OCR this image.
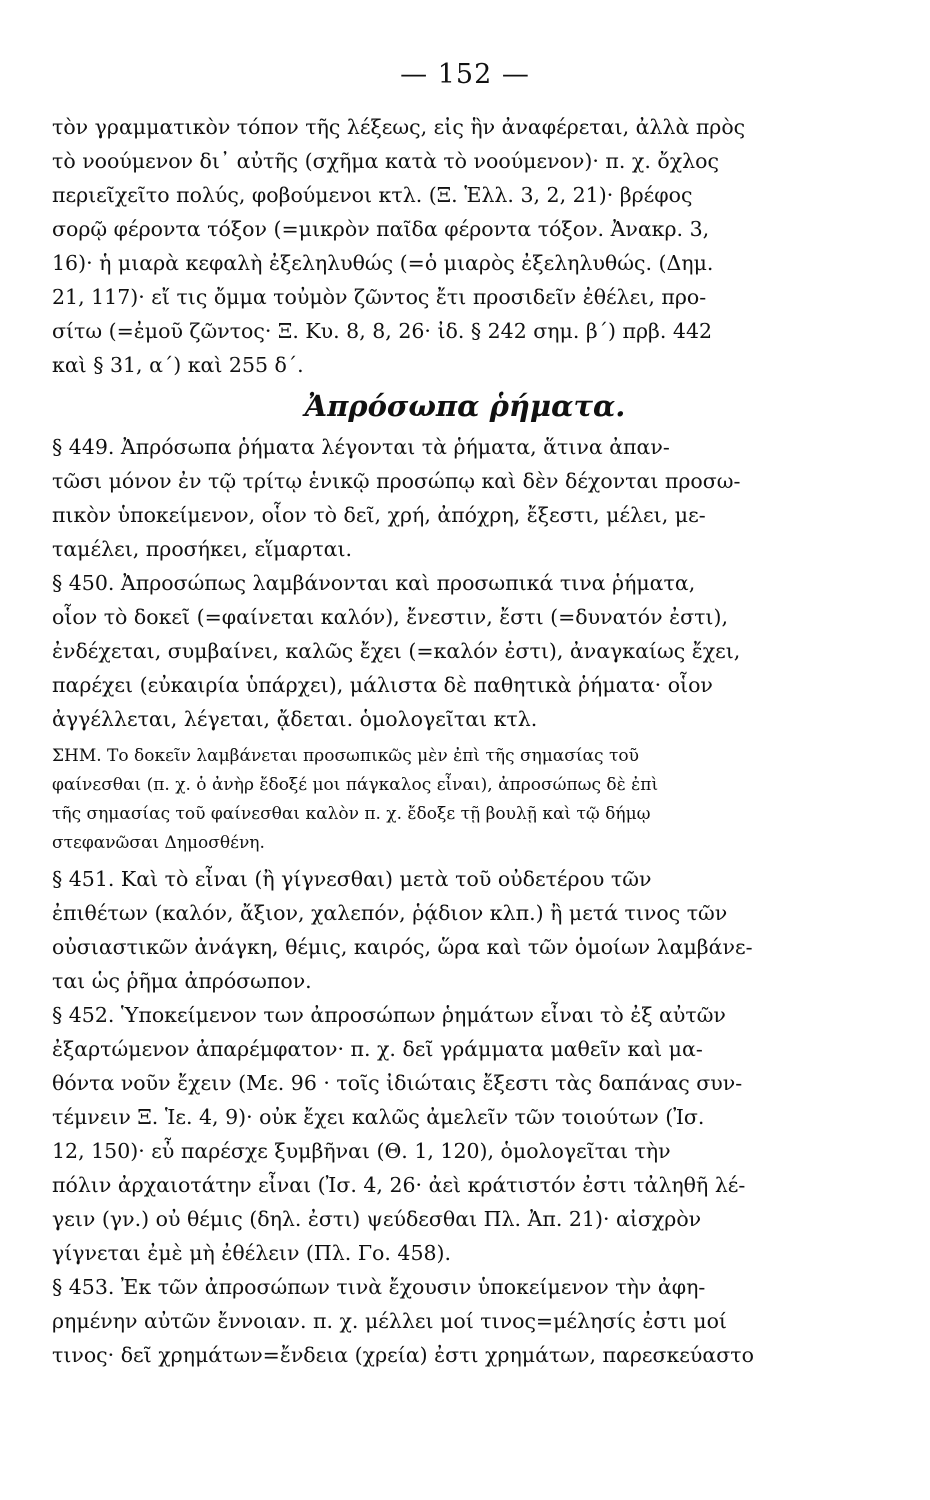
— 152 —

τὸν γραμματικὸν τόπον τῆς λέξεως, εἰς ἣν ἀναφέρεται, ἀλλὰ πρὸς
τὸ νοούμενον δι᾽ αὐτῆς (σχῆμα κατὰ τὸ νοούμενον)· π. χ. ὄχλος
περιεῖχεῖτο πολύς, φοβούμενοι κτλ. (Ξ. Ἑλλ. 3, 2, 21)· βρέφος
σορῷ φέροντα τόξον (=μικρὸν παῖδα φέροντα τόξον. Ἀνακρ. 3,
16)· ἡ μιαρὰ κεφαλὴ ἐξεληλυθώς (=ὁ μιαρὸς ἐξεληλυθώς. (Δημ.
21, 117)· εἴ τις ὄμμα τοὐμὸν ζῶντος ἔτι προσιδεῖν ἐθέλει, προ-
σίτω (=ἐμοῦ ζῶντος· Ξ. Κυ. 8, 8, 26· ἰδ. § 242 σημ. β΄) πρβ. 442
καὶ § 31, α΄) καὶ 255 δ΄.

Ἀπρόσωπα ῥήματα.

§ 449. Ἀπρόσωπα ῥήματα λέγονται τὰ ῥήματα, ἅτινα ἀπαν-
τῶσι μόνον ἐν τῷ τρίτῳ ἑνικῷ προσώπῳ καὶ δὲν δέχονται προσω-
πικὸν ὑποκείμενον, οἷον τὸ δεῖ, χρή, ἀπόχρη, ἔξεστι, μέλει, με-
ταμέλει, προσήκει, εἵμαρται.

§ 450. Ἀπροσώπως λαμβάνονται καὶ προσωπικά τινα ῥήματα,
οἷον τὸ δοκεῖ (=φαίνεται καλόν), ἔνεστιν, ἔστι (=δυνατόν ἐστι),
ἐνδέχεται, συμβαίνει, καλῶς ἔχει (=καλόν ἐστι), ἀναγκαίως ἔχει,
παρέχει (εὐκαιρία ὑπάρχει), μάλιστα δὲ παθητικὰ ῥήματα· οἷον
ἀγγέλλεται, λέγεται, ᾄδεται. ὁμολογεῖται κτλ.

ΣΗΜ. Το δοκεῖν λαμβάνεται προσωπικῶς μὲν ἐπὶ τῆς σημασίας τοῦ
φαίνεσθαι (π. χ. ὁ ἀνὴρ ἔδοξέ μοι πάγκαλος εἶναι), ἀπροσώπως δὲ ἐπὶ
τῆς σημασίας τοῦ φαίνεσθαι καλὸν π. χ. ἔδοξε τῇ βουλῇ καὶ τῷ δήμῳ
στεφανῶσαι Δημοσθένη.

§ 451. Καὶ τὸ εἶναι (ἢ γίγνεσθαι) μετὰ τοῦ οὐδετέρου τῶν
ἐπιθέτων (καλόν, ἄξιον, χαλεπόν, ῥᾴδιον κλπ.) ἢ μετά τινος τῶν
οὐσιαστικῶν ἀνάγκη, θέμις, καιρός, ὥρα καὶ τῶν ὁμοίων λαμβάνε-
ται ὡς ῥῆμα ἀπρόσωπον.

§ 452. Ὑποκείμενον των ἀπροσώπων ῥημάτων εἶναι τὸ ἐξ αὐτῶν
ἐξαρτώμενον ἀπαρέμφατον· π. χ. δεῖ γράμματα μαθεῖν καὶ μα-
θόντα νοῦν ἔχειν (Με. 96 · τοῖς ἰδιώταις ἔξεστι τὰς δαπάνας συν-
τέμνειν Ξ. Ἱε. 4, 9)· οὐκ ἔχει καλῶς ἀμελεῖν τῶν τοιούτων (Ἰσ.
12, 150)· εὖ παρέσχε ξυμβῆναι (Θ. 1, 120), ὁμολογεῖται τὴν
πόλιν ἀρχαιοτάτην εἶναι (Ἰσ. 4, 26· ἀεὶ κράτιστόν ἐστι τἀληθῆ λέ-
γειν (γν.) οὐ θέμις (δηλ. ἐστι) ψεύδεσθαι Πλ. Ἀπ. 21)· αἰσχρὸν
γίγνεται ἐμὲ μὴ ἐθέλειν (Πλ. Γο. 458).

§ 453. Ἐκ τῶν ἀπροσώπων τινὰ ἔχουσιν ὑποκείμενον τὴν ἀφη-
ρημένην αὐτῶν ἔννοιαν. π. χ. μέλλει μοί τινος=μέλησίς ἐστι μοί
τινος· δεῖ χρημάτων=ἔνδεια (χρεία) ἐστι χρημάτων, παρεσκεύαστο
